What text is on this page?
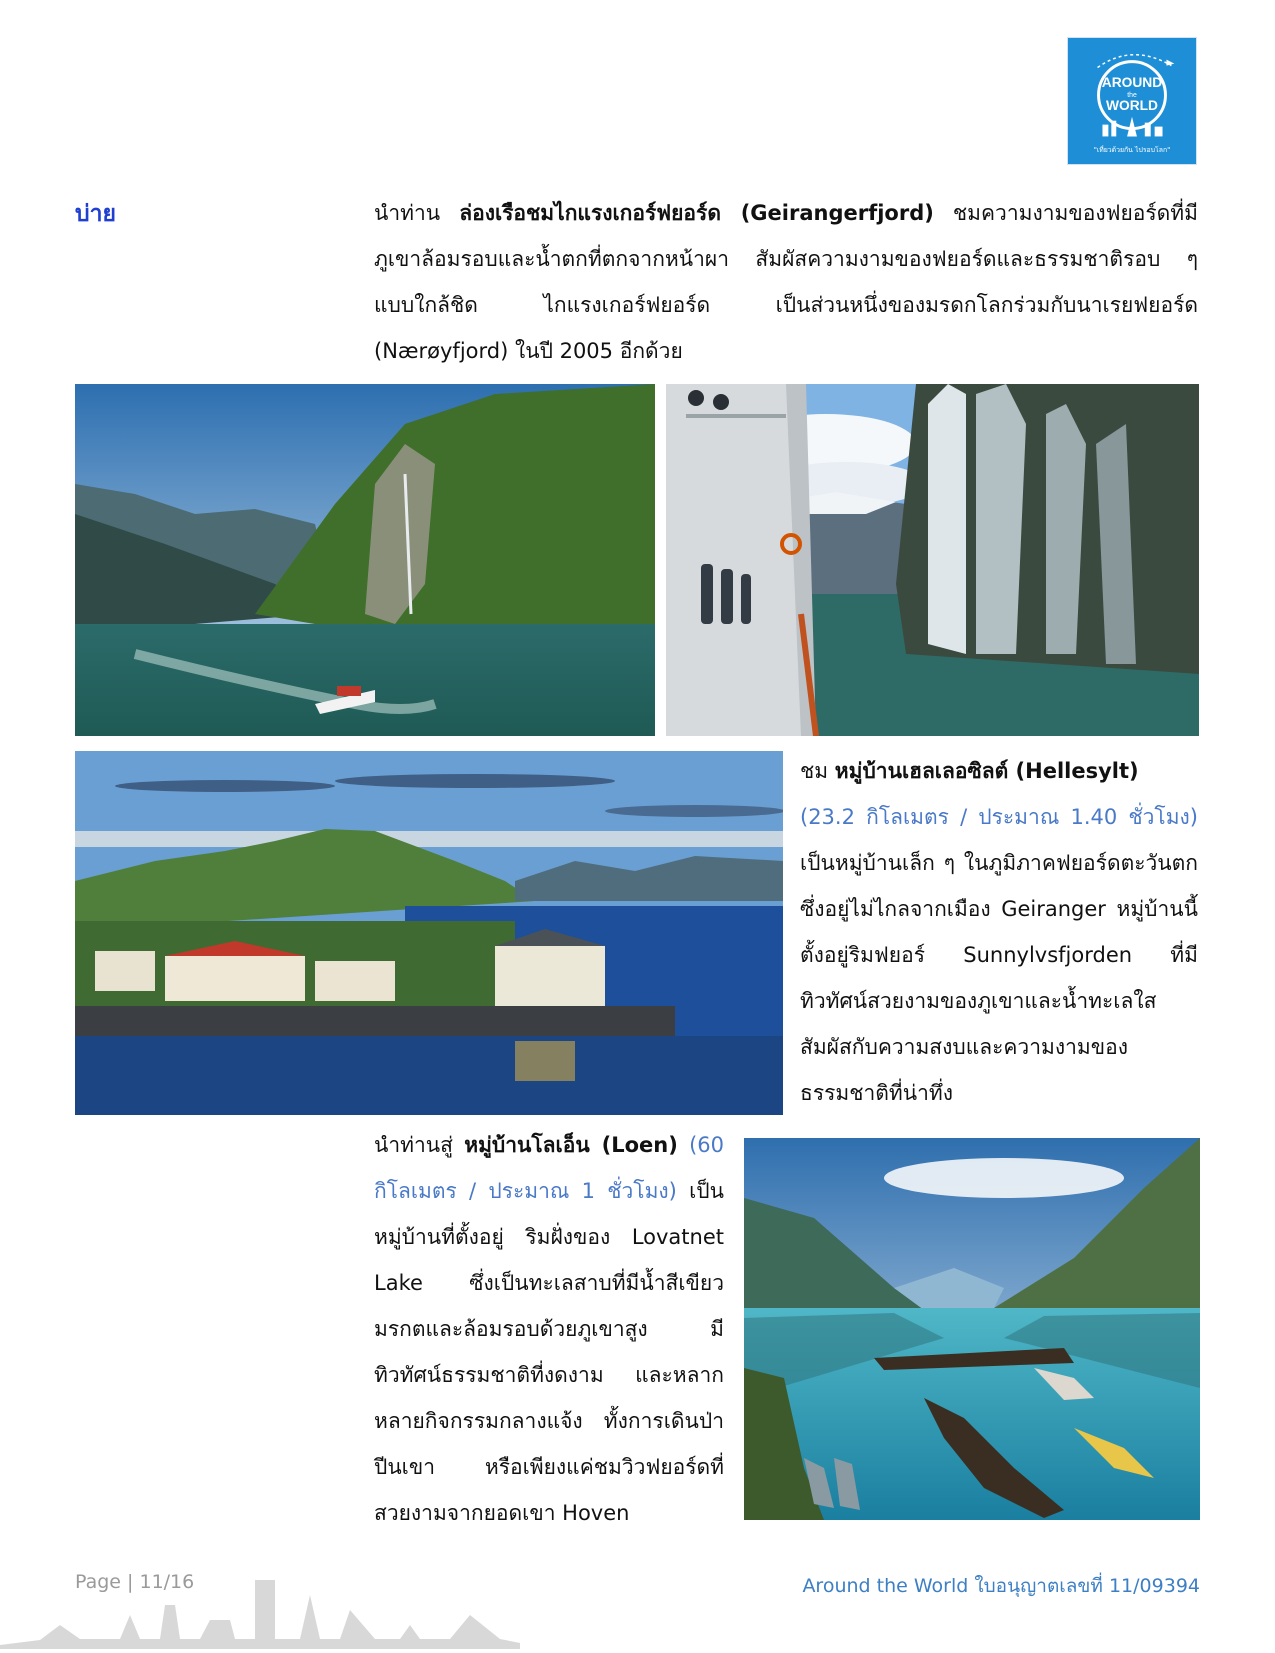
AROUND
the
WORLD
"เที่ยวด้วยกัน ไปรอบโลก"
บ่าย	นำท่าน ล่องเรือชมไกแรงเกอร์ฟยอร์ด (Geirangerfjord) ชมความงามของฟยอร์ดที่มีภูเขาล้อมรอบและน้ำตกที่ตกจากหน้าผา สัมผัสความงามของฟยอร์ดและธรรมชาติรอบ ๆ แบบใกล้ชิด ไกแรงเกอร์ฟยอร์ด เป็นส่วนหนึ่งของมรดกโลกร่วมกับนาเรยฟยอร์ด (Nærøyfjord) ในปี 2005 อีกด้วย
ชม หมู่บ้านเฮลเลอซิลต์ (Hellesylt)
(23.2 กิโลเมตร / ประมาณ 1.40 ชั่วโมง) เป็นหมู่บ้านเล็ก ๆ ในภูมิภาคฟยอร์ดตะวันตก ซึ่งอยู่ไม่ไกลจากเมือง Geiranger หมู่บ้านนี้ตั้งอยู่ริมฟยอร์ Sunnylvsfjorden ที่มีทิวทัศน์สวยงามของภูเขาและน้ำทะเลใส สัมผัสกับความสงบและความงามของธรรมชาติที่น่าทึ่ง
นำท่านสู่ หมู่บ้านโลเอ็น (Loen) (60 กิโลเมตร / ประมาณ 1 ชั่วโมง) เป็นหมู่บ้านที่ตั้งอยู่ ริมฝั่งของ Lovatnet Lake ซึ่งเป็นทะเลสาบที่มีน้ำสีเขียวมรกตและล้อมรอบด้วยภูเขาสูง มีทิวทัศน์ธรรมชาติที่งดงาม และหลากหลายกิจกรรมกลางแจ้ง ทั้งการเดินป่า ปีนเขา หรือเพียงแค่ชมวิวฟยอร์ดที่สวยงามจากยอดเขา Hoven
Page | 11/16	Around the World ใบอนุญาตเลขที่ 11/09394
